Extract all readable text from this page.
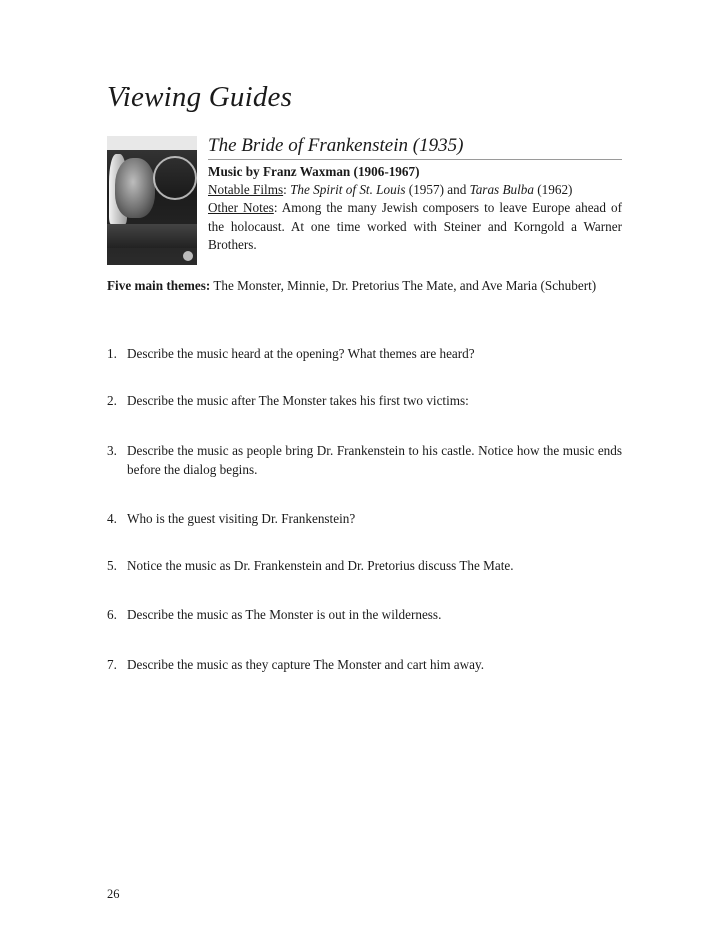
Viewing Guides
The Bride of Frankenstein (1935)
Music by Franz Waxman (1906-1967)
Notable Films: The Spirit of St. Louis (1957) and Taras Bulba (1962)
Other Notes: Among the many Jewish composers to leave Europe ahead of the holocaust. At one time worked with Steiner and Korngold a Warner Brothers.
Five main themes: The Monster, Minnie, Dr. Pretorius The Mate, and Ave Maria (Schubert)
1. Describe the music heard at the opening? What themes are heard?
2. Describe the music after The Monster takes his first two victims:
3. Describe the music as people bring Dr. Frankenstein to his castle. Notice how the music ends before the dialog begins.
4. Who is the guest visiting Dr. Frankenstein?
5. Notice the music as Dr. Frankenstein and Dr. Pretorius discuss The Mate.
6. Describe the music as The Monster is out in the wilderness.
7. Describe the music as they capture The Monster and cart him away.
26
